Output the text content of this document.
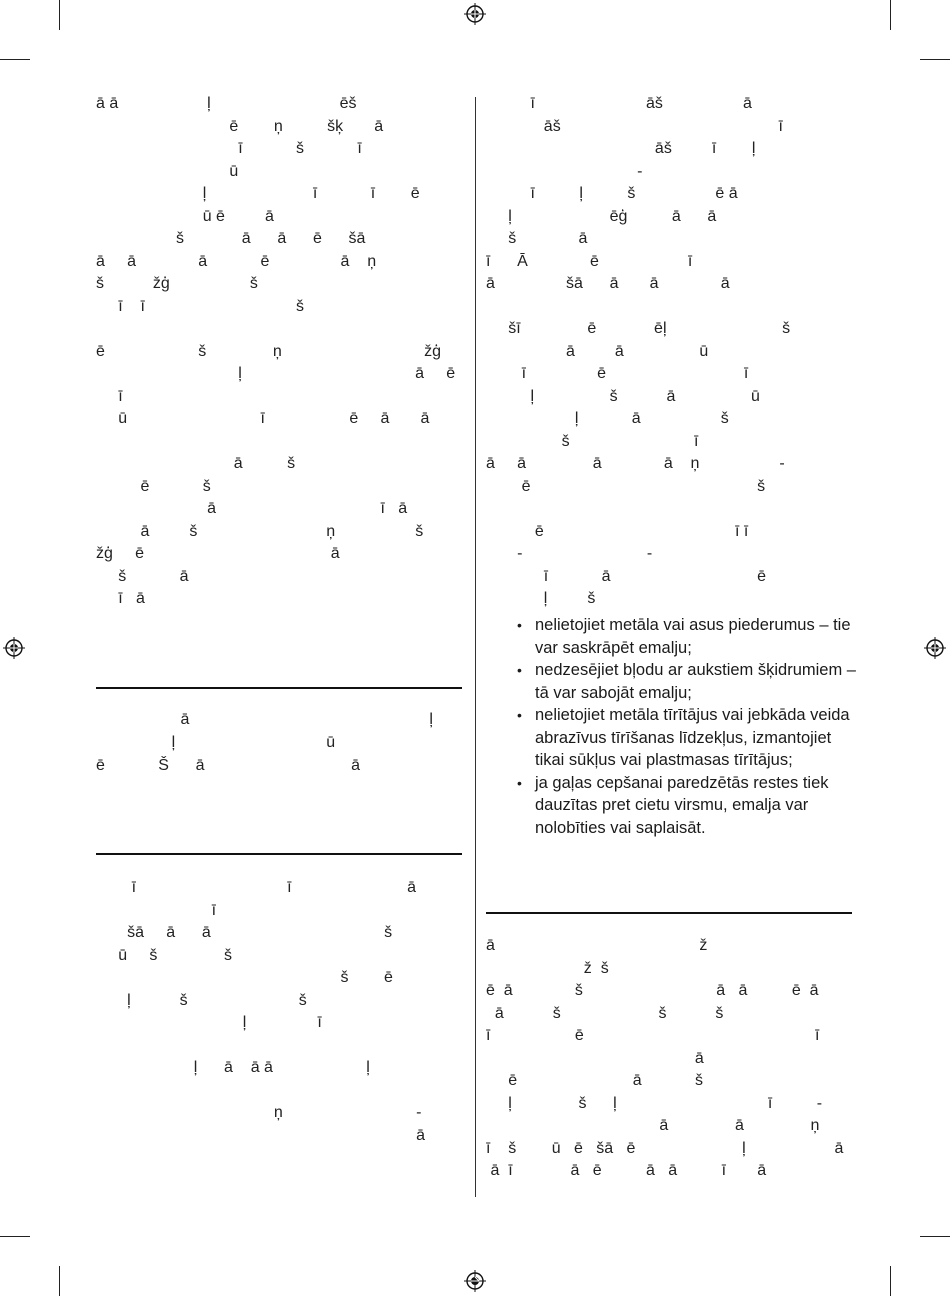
ā ā                    ļ                             ēš
ē        ņ          šķ       ā
ī            š            ī
ū
ļ                        ī            ī        ē
ū ē         ā
š             ā      ā      ē      šā
ā     ā              ā            ē                ā    ņ
š           žģ                  š
ī    ī                                  š
ē                     š               ņ                                žģ
ļ                                       ā     ē
ī
ū                              ī                   ē     ā       ā
ā          š
ē            š
ā                                     ī   ā
ā         š                             ņ                  š
žģ     ē                                          ā
š            ā
ī   ā
ā                                                      ļ
ļ                                  ū
ē            Š      ā                                 ā
ī                                  ī                          ā
ī
šā     ā      ā                                       š
ū     š               š
š        ē
ļ           š                         š
ļ                ī
ļ      ā    ā ā                     ļ
ņ                              -
ā
ī                         āš                  ā
āš                                                 ī
āš         ī        ļ
-
ī          ļ          š                  ē ā
ļ                      ēģ          ā      ā
š              ā
ī      Ā              ē                    ī
ā                šā      ā       ā              ā
šī               ē             ēļ                          š
ā         ā                 ū
ī                ē                               ī
ļ                 š           ā                 ū
ļ            ā                  š
š                            ī
ā     ā               ā              ā    ņ                  -
ē                                                   š
ē                                           ī ī
-                            -
ī            ā                                 ē
ļ         š
ā                                              ž
ž  š
ē  ā              š                              ā   ā          ē  ā
ā           š                      š           š
ī                   ē                                                    ī
ā
ē                          ā            š
ļ               š      ļ                                  ī          -
ā               ā               ņ
ī    š        ū   ē   šā   ē                        ļ                    ā
ā  ī             ā   ē          ā   ā          ī       ā
• nelietojiet metāla vai asus piederumus – tie var saskrāpēt emalju;
• nedzesējiet bļodu ar aukstiem šķidrumiem – tā var sabojāt emalju;
• nelietojiet metāla tīrītājus vai jebkāda veida abrazīvus tīrīšanas līdzekļus, izmantojiet tikai sūkļus vai plastmasas tīrītājus;
• ja gaļas cepšanai paredzētās restes tiek dauzītas pret cietu virsmu, emalja var nolobīties vai saplaisāt.
